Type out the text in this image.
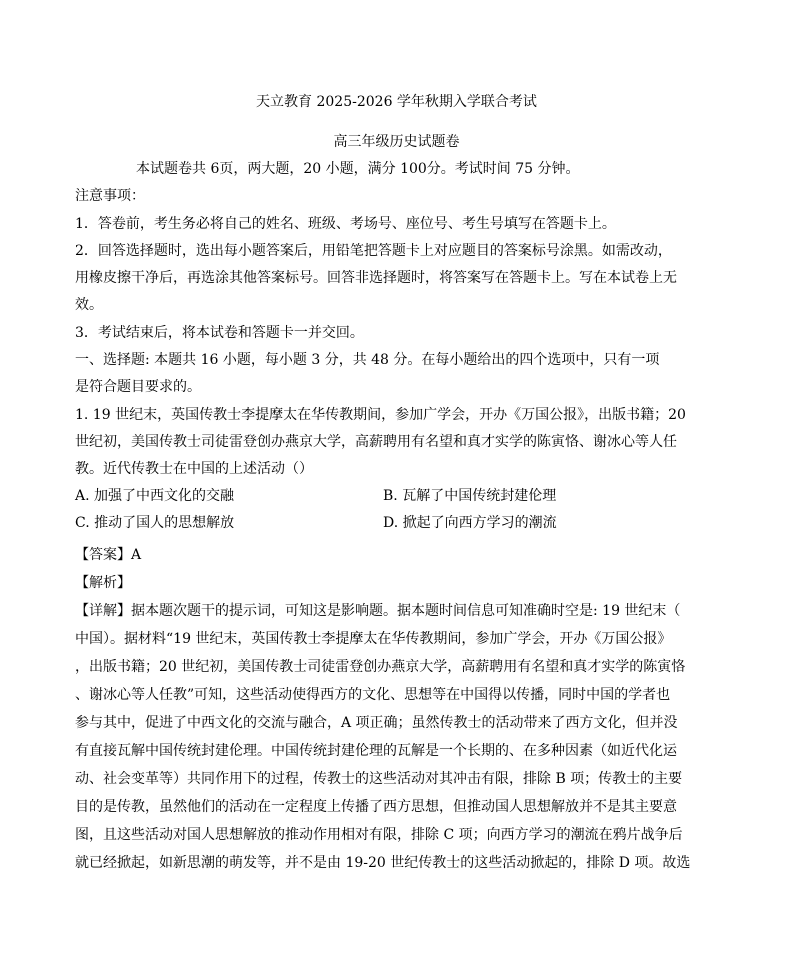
天立教育 2025-2026 学年秋期入学联合考试
高三年级历史试题卷
本试题卷共 6页，两大题，20 小题，满分 100分。考试时间 75 分钟。
注意事项：
1．答卷前，考生务必将自己的姓名、班级、考场号、座位号、考生号填写在答题卡上。
2．回答选择题时，选出每小题答案后，用铅笔把答题卡上对应题目的答案标号涂黑。如需改动，
用橡皮擦干净后，再选涂其他答案标号。回答非选择题时，将答案写在答题卡上。写在本试卷上无
效。
3．考试结束后，将本试卷和答题卡一并交回。
一、选择题: 本题共 16 小题，每小题 3 分，共 48 分。在每小题给出的四个选项中，只有一项
是符合题目要求的。
1. 19 世纪末，英国传教士李提摩太在华传教期间，参加广学会，开办《万国公报》，出版书籍；20
世纪初，美国传教士司徒雷登创办燕京大学，高薪聘用有名望和真才实学的陈寅恪、谢冰心等人任
教。近代传教士在中国的上述活动（）
A. 加强了中西文化的交融	B. 瓦解了中国传统封建伦理
C. 推动了国人的思想解放	D. 掀起了向西方学习的潮流
【答案】A
【解析】
【详解】据本题次题干的提示词，可知这是影响题。据本题时间信息可知准确时空是: 19 世纪末（
中国）。据材料“19 世纪末，英国传教士李提摩太在华传教期间，参加广学会，开办《万国公报》
，出版书籍；20 世纪初，美国传教士司徒雷登创办燕京大学，高薪聘用有名望和真才实学的陈寅恪
、谢冰心等人任教”可知，这些活动使得西方的文化、思想等在中国得以传播，同时中国的学者也
参与其中，促进了中西文化的交流与融合，A 项正确；虽然传教士的活动带来了西方文化，但并没
有直接瓦解中国传统封建伦理。中国传统封建伦理的瓦解是一个长期的、在多种因素（如近代化运
动、社会变革等）共同作用下的过程，传教士的这些活动对其冲击有限，排除 B 项；传教士的主要
目的是传教，虽然他们的活动在一定程度上传播了西方思想，但推动国人思想解放并不是其主要意
图，且这些活动对国人思想解放的推动作用相对有限，排除 C 项；向西方学习的潮流在鸦片战争后
就已经掀起，如新思潮的萌发等，并不是由 19-20 世纪传教士的这些活动掀起的，排除 D 项。故选
